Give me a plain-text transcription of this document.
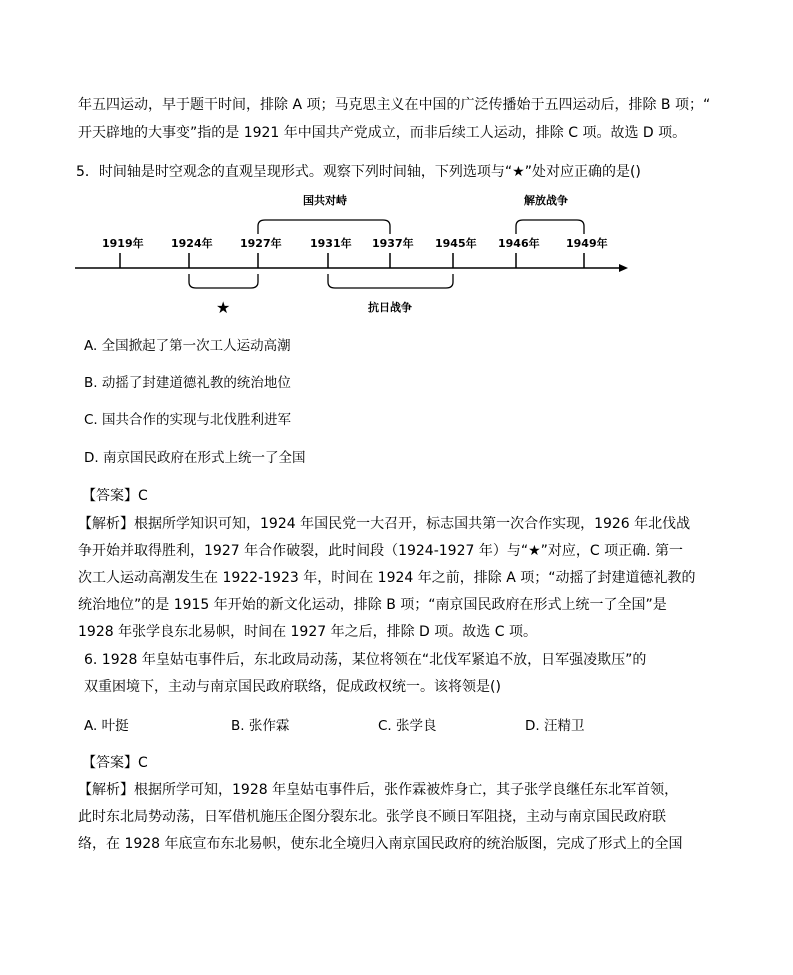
年五四运动，早于题干时间，排除 A 项；马克思主义在中国的广泛传播始于五四运动后，排除 B 项；“
开天辟地的大事变”指的是 1921 年中国共产党成立，而非后续工人运动，排除 C 项。故选 D 项。
5．时间轴是时空观念的直观呈现形式。观察下列时间轴，下列选项与“★”处对应正确的是()
1919年 1924年 1927年	1931年 1937年 1945年 1946年 1949年
国共对峙	解放战争
★	抗日战争
A. 全国掀起了第一次工人运动高潮
B. 动摇了封建道德礼教的统治地位
C. 国共合作的实现与北伐胜利进军
D. 南京国民政府在形式上统一了全国
【答案】C
【解析】根据所学知识可知，1924 年国民党一大召开，标志国共第一次合作实现，1926 年北伐战
争开始并取得胜利，1927 年合作破裂，此时间段（1924-1927 年）与“★”对应，C 项正确. 第一
次工人运动高潮发生在 1922-1923 年，时间在 1924 年之前，排除 A 项；“动摇了封建道德礼教的
统治地位”的是 1915 年开始的新文化运动，排除 B 项；“南京国民政府在形式上统一了全国”是
1928 年张学良东北易帜，时间在 1927 年之后，排除 D 项。故选 C 项。
6. 1928 年皇姑屯事件后，东北政局动荡，某位将领在“北伐军紧追不放，日军强凌欺压”的
双重困境下，主动与南京国民政府联络，促成政权统一。该将领是()
A. 叶挺	B. 张作霖	C. 张学良	D. 汪精卫
【答案】C
【解析】根据所学可知，1928 年皇姑屯事件后，张作霖被炸身亡，其子张学良继任东北军首领，
此时东北局势动荡，日军借机施压企图分裂东北。张学良不顾日军阻挠，主动与南京国民政府联
络，在 1928 年底宣布东北易帜，使东北全境归入南京国民政府的统治版图，完成了形式上的全国
